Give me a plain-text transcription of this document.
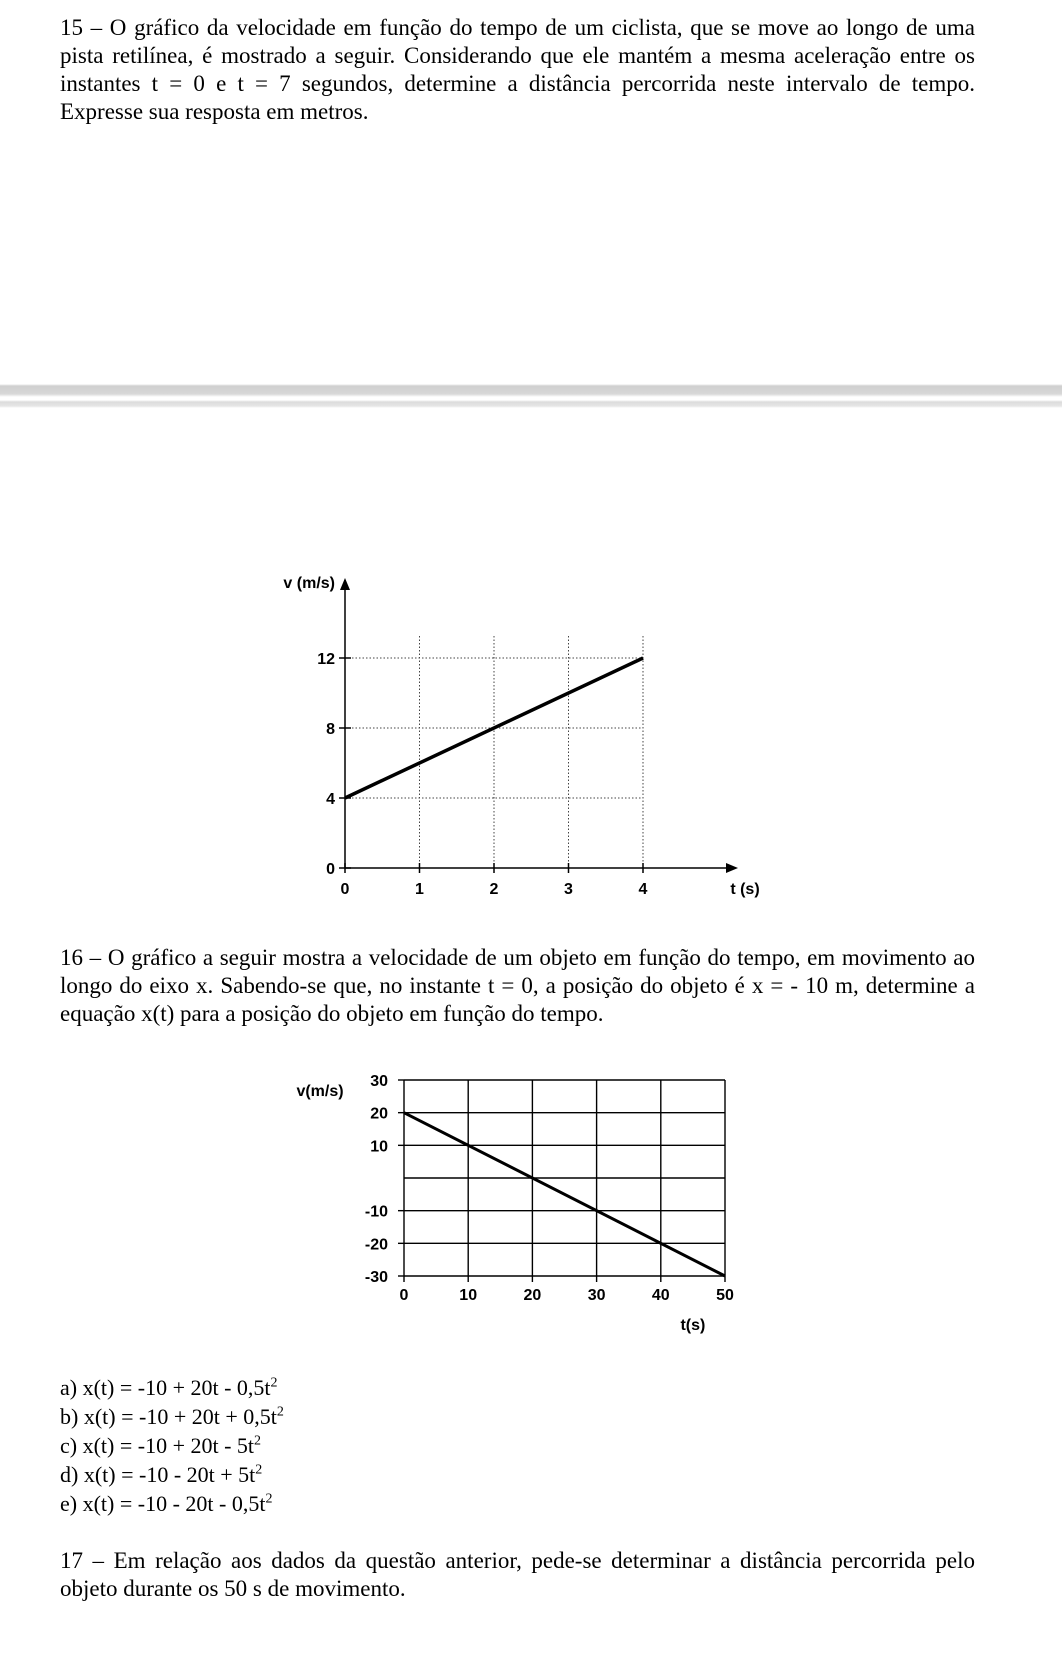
15 – O gráfico da velocidade em função do tempo de um ciclista, que se move ao longo de uma pista retilínea, é mostrado a seguir. Considerando que ele mantém a mesma aceleração entre os instantes t = 0 e t = 7 segundos, determine a distância percorrida neste intervalo de tempo. Expresse sua resposta em metros.

0	1	2	3	4
0
4
8
12
v (m/s)
t (s)

16 – O gráfico a seguir mostra a velocidade de um objeto em função do tempo, em movimento ao longo do eixo x. Sabendo-se que, no instante t = 0, a posição do objeto é x = - 10 m, determine a equação x(t) para a posição do objeto em função do tempo.

30
20
10
-10
-20
-30
0	10	20	30	40	50
v(m/s)
t(s)
a) $x(t) = -10 + 20t - 0,5t^2$
b) $x(t) = -10 + 20t + 0,5t^2$
c) $x(t) = -10 + 20t - 5t^2$
d) $x(t) = -10 - 20t + 5t^2$
e) $x(t) = -10 - 20t - 0,5t^2$

17 – Em relação aos dados da questão anterior, pede-se determinar a distância percorrida pelo objeto durante os 50 s de movimento.
